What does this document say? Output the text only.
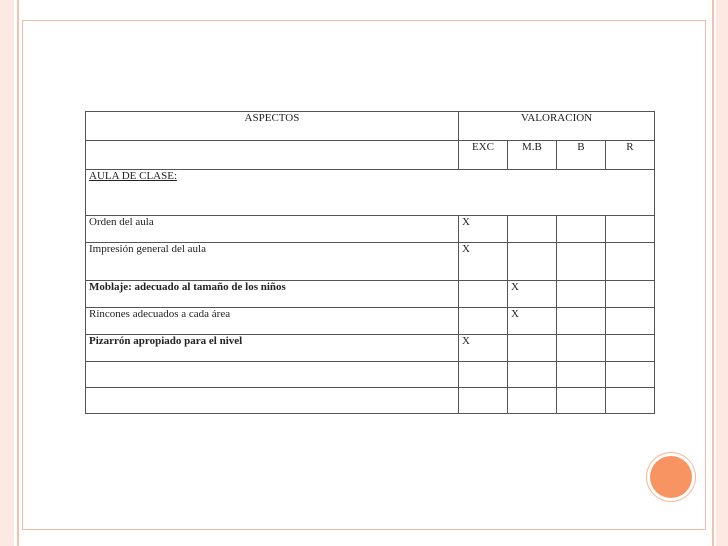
ASPECTOS	VALORACION			
	EXC	M.B	B	R
AULA DE CLASE:				
Orden del aula	X			
Impresión general del aula	X			
Moblaje: adecuado al tamaño de los niños		X		
Rincones adecuados a cada área		X		
Pizarrón apropiado para el nivel	X			
